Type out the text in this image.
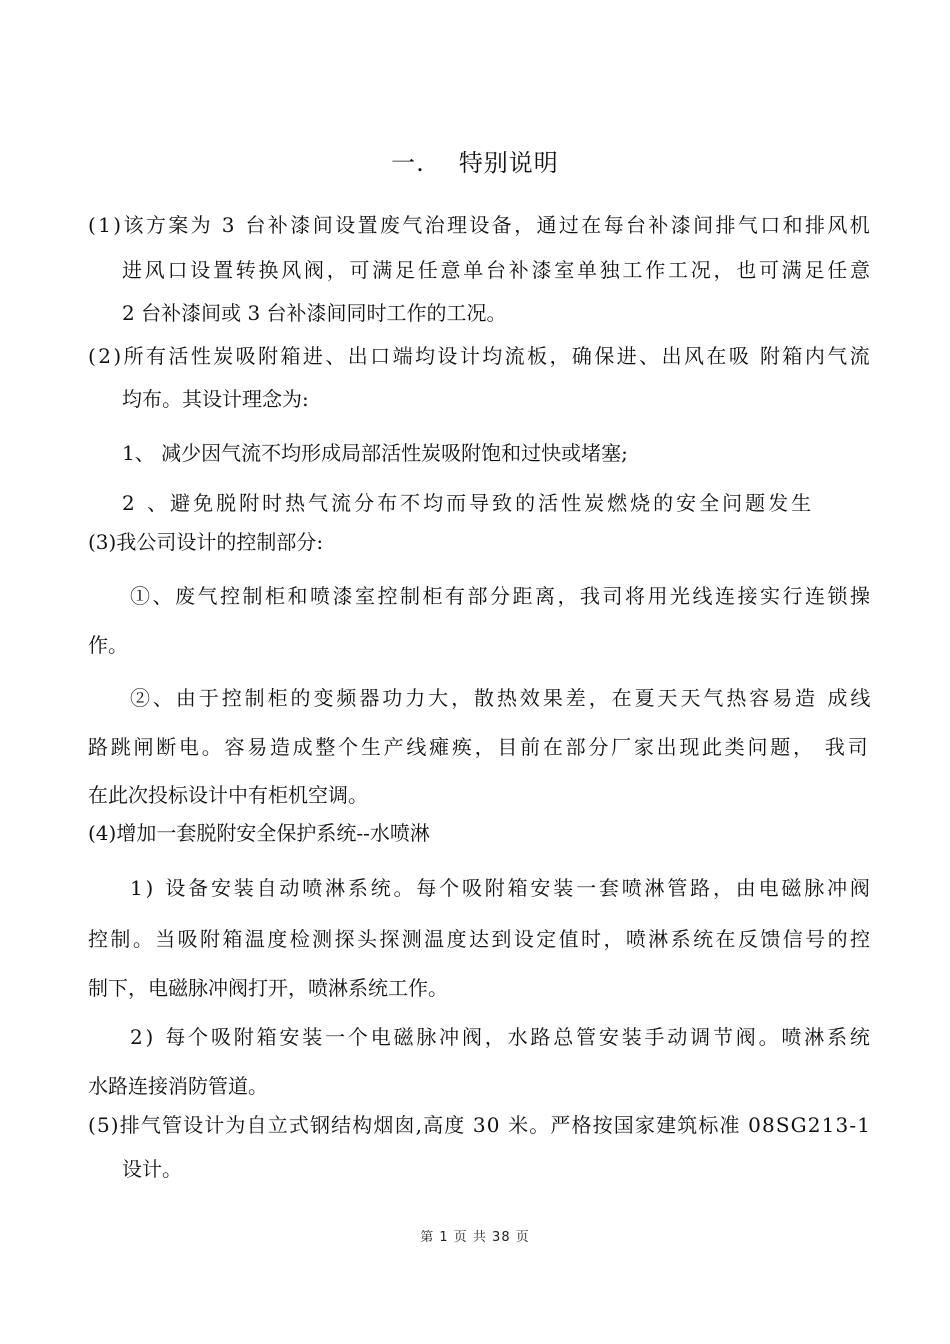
一. 特别说明
(1)该方案为 3 台补漆间设置废气治理设备，通过在每台补漆间排气口和排风机
进风口设置转换风阀，可满足任意单台补漆室单独工作工况，也可满足任意
2 台补漆间或 3 台补漆间同时工作的工况。
(2)所有活性炭吸附箱进、出口端均设计均流板，确保进、出风在吸 附箱内气流
均布。其设计理念为:
1、 减少因气流不均形成局部活性炭吸附饱和过快或堵塞;
2 、避免脱附时热气流分布不均而导致的活性炭燃烧的安全问题发生
(3)我公司设计的控制部分:
①、废气控制柜和喷漆室控制柜有部分距离，我司将用光线连接实行连锁操
作。
②、由于控制柜的变频器功力大，散热效果差，在夏天天气热容易造 成线
路跳闸断电。容易造成整个生产线瘫痪，目前在部分厂家出现此类问题， 我司
在此次投标设计中有柜机空调。
(4)增加一套脱附安全保护系统--水喷淋
1) 设备安装自动喷淋系统。每个吸附箱安装一套喷淋管路，由电磁脉冲阀
控制。当吸附箱温度检测探头探测温度达到设定值时，喷淋系统在反馈信号的控
制下，电磁脉冲阀打开，喷淋系统工作。
2) 每个吸附箱安装一个电磁脉冲阀，水路总管安装手动调节阀。喷淋系统
水路连接消防管道。
(5)排气管设计为自立式钢结构烟囱,高度 30 米。严格按国家建筑标准 08SG213-1
设计。
第 1 页 共 38 页
